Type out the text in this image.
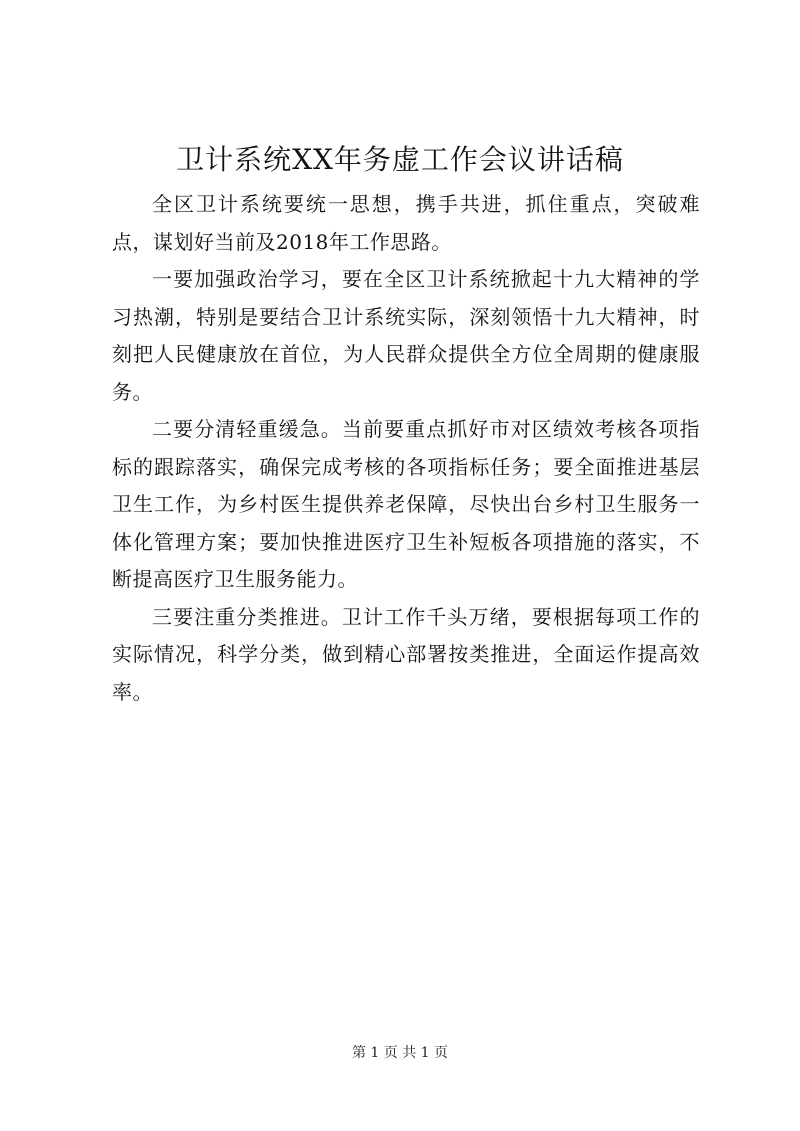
卫计系统XX年务虚工作会议讲话稿

全区卫计系统要统一思想，携手共进，抓住重点，突破难点，谋划好当前及2018年工作思路。

一要加强政治学习，要在全区卫计系统掀起十九大精神的学习热潮，特别是要结合卫计系统实际，深刻领悟十九大精神，时刻把人民健康放在首位，为人民群众提供全方位全周期的健康服务。

二要分清轻重缓急。当前要重点抓好市对区绩效考核各项指标的跟踪落实，确保完成考核的各项指标任务；要全面推进基层卫生工作，为乡村医生提供养老保障，尽快出台乡村卫生服务一体化管理方案；要加快推进医疗卫生补短板各项措施的落实，不断提高医疗卫生服务能力。

三要注重分类推进。卫计工作千头万绪，要根据每项工作的实际情况，科学分类，做到精心部署按类推进，全面运作提高效率。

第 1 页 共 1 页
